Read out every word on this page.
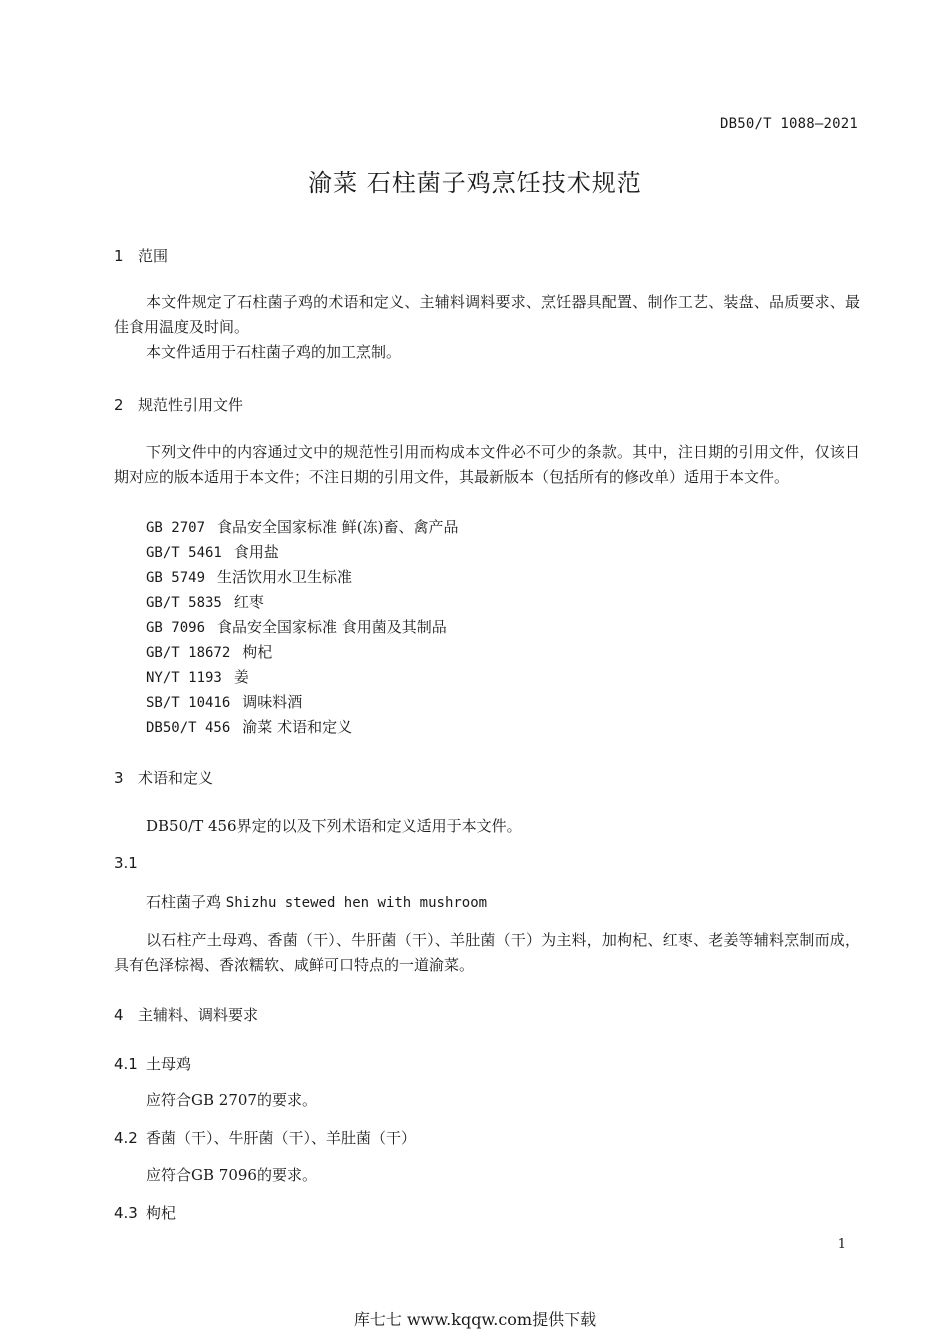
DB50/T 1088—2021
渝菜 石柱菌子鸡烹饪技术规范
1 范围
本文件规定了石柱菌子鸡的术语和定义、主辅料调料要求、烹饪器具配置、制作工艺、装盘、品质要求、最佳食用温度及时间。
本文件适用于石柱菌子鸡的加工烹制。
2 规范性引用文件
下列文件中的内容通过文中的规范性引用而构成本文件必不可少的条款。其中，注日期的引用文件，仅该日期对应的版本适用于本文件；不注日期的引用文件，其最新版本（包括所有的修改单）适用于本文件。
GB 2707 食品安全国家标准 鲜(冻)畜、禽产品
GB/T 5461 食用盐
GB 5749 生活饮用水卫生标准
GB/T 5835 红枣
GB 7096 食品安全国家标准 食用菌及其制品
GB/T 18672 枸杞
NY/T 1193 姜
SB/T 10416 调味料酒
DB50/T 456 渝菜 术语和定义
3 术语和定义
DB50/T 456界定的以及下列术语和定义适用于本文件。
3.1
石柱菌子鸡 Shizhu stewed hen with mushroom
以石柱产土母鸡、香菌（干）、牛肝菌（干）、羊肚菌（干）为主料，加枸杞、红枣、老姜等辅料烹制而成，具有色泽棕褐、香浓糯软、咸鲜可口特点的一道渝菜。
4 主辅料、调料要求
4.1 土母鸡
应符合GB 2707的要求。
4.2 香菌（干）、牛肝菌（干）、羊肚菌（干）
应符合GB 7096的要求。
4.3 枸杞
1
库七七 www.kqqw.com提供下载
